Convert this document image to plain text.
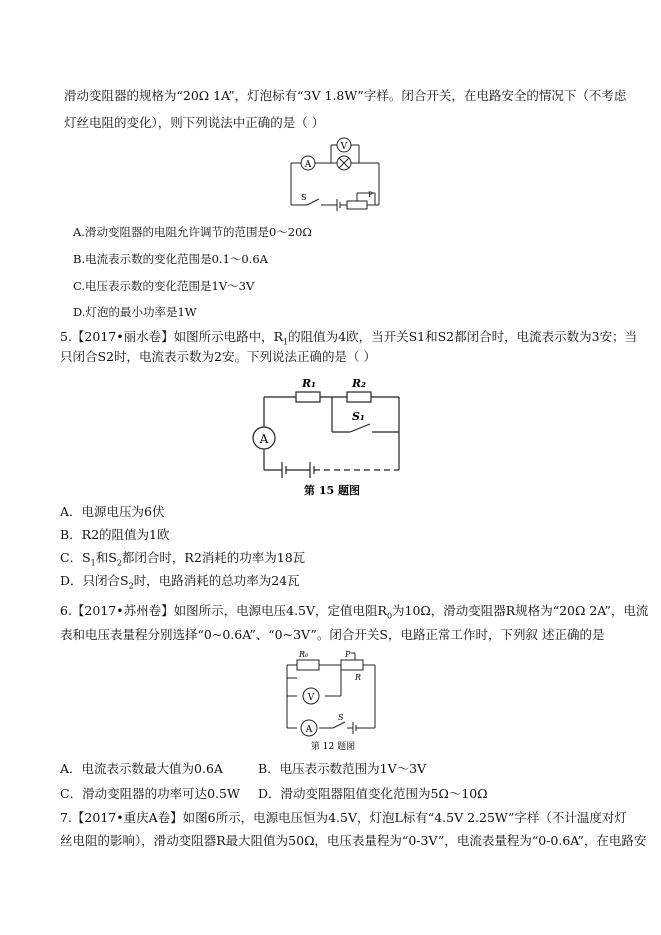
滑动变阻器的规格为“20Ω 1A”，灯泡标有“3V 1.8W”字样。闭合开关，在电路安全的情况下（不考虑
灯丝电阻的变化），则下列说法中正确的是（ ）
A
V
S	P
A.滑动变阻器的电阻允许调节的范围是0～20Ω
B.电流表示数的变化范围是0.1～0.6A
C.电压表示数的变化范围是1V～3V
D.灯泡的最小功率是1W
5.【2017•丽水卷】如图所示电路中，$R_1$的阻值为4欧，当开关S1和S2都闭合时，电流表示数为3安；当
只闭合S2时，电流表示数为2安。下列说法正确的是（ ）
A
R₁	R₂
S₁
第 15 题图
A．电源电压为6伏
B．R2的阻值为1欧
C．$S_1$和$S_2$都闭合时，R2消耗的功率为18瓦
D．只闭合$S_2$时，电路消耗的总功率为24瓦
6.【2017•苏州卷】如图所示，电源电压4.5V，定值电阻$R_0$为10Ω，滑动变阻器R规格为“20Ω 2A”，电流
表和电压表量程分别选择“0~0.6A”、“0~3V”。闭合开关S，电路正常工作时，下列叙 述正确的是
V
A
R₀	P
R
S
第 12 题图
A．电流表示数最大值为0.6A	B．电压表示数范围为1V～3V
C．滑动变阻器的功率可达0.5W D．滑动变阻器阻值变化范围为5Ω～10Ω
7.【2017•重庆A卷】如图6所示，电源电压恒为4.5V，灯泡L标有“4.5V 2.25W”字样（不计温度对灯
丝电阻的影响），滑动变阻器R最大阻值为50Ω，电压表量程为“0-3V”，电流表量程为“0-0.6A”，在电路安
